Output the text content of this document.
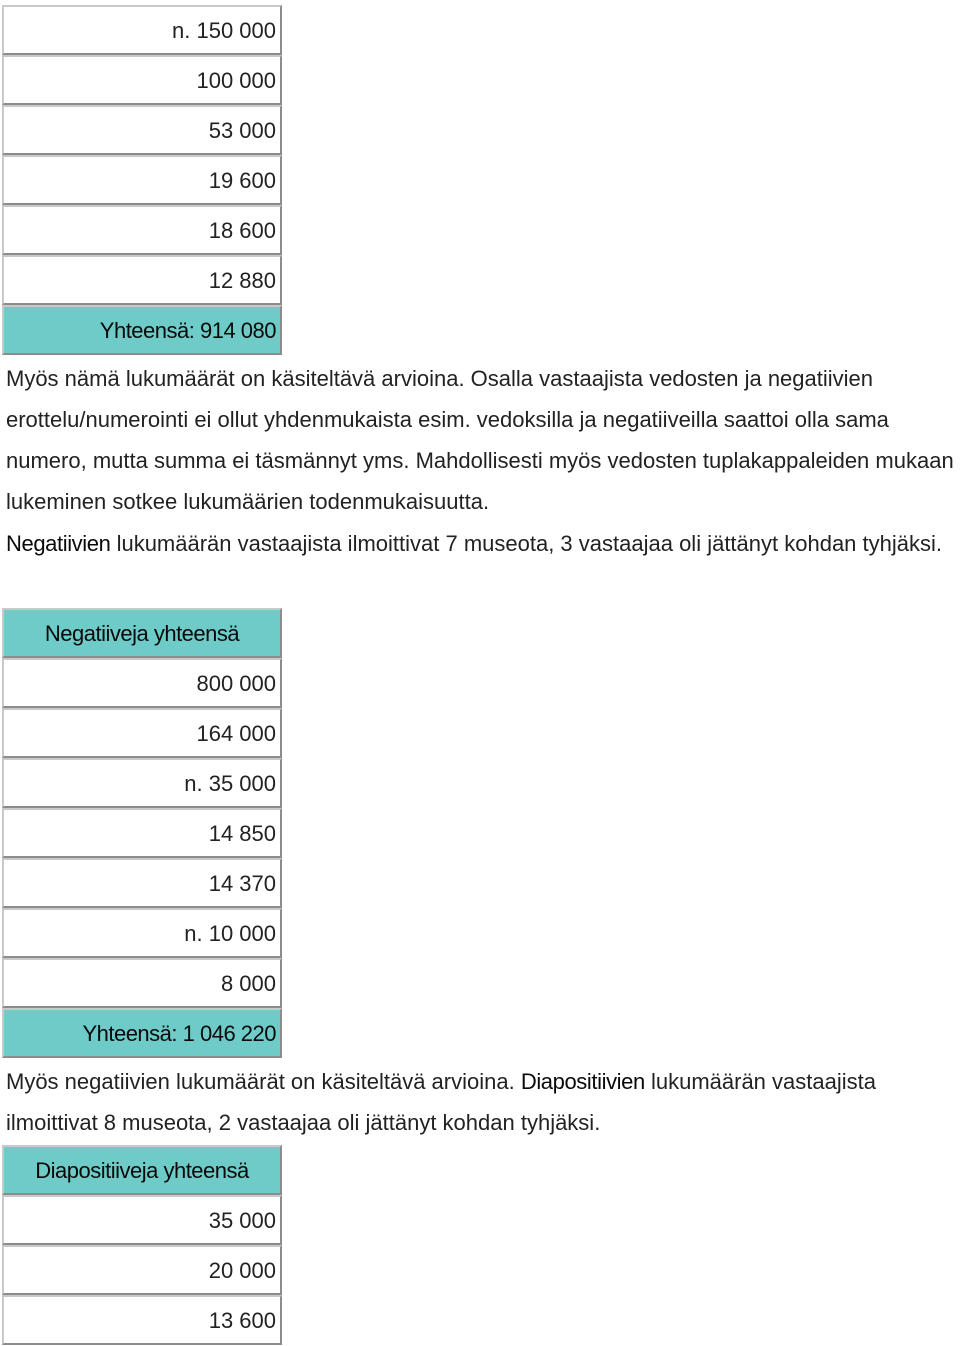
n. 150 000
100 000
53 000
19 600
18 600
12 880
Yhteensä: 914 080
Myös nämä lukumäärät on käsiteltävä arvioina. Osalla vastaajista vedosten ja negatiivien erottelu/numerointi ei ollut yhdenmukaista esim. vedoksilla ja negatiiveilla saattoi olla sama numero, mutta summa ei täsmännyt yms. Mahdollisesti myös vedosten tuplakappaleiden mukaan lukeminen sotkee lukumäärien todenmukaisuutta.
Negatiivien lukumäärän vastaajista ilmoittivat 7 museota, 3 vastaajaa oli jättänyt kohdan tyhjäksi.
Negatiiveja yhteensä
800 000
164 000
n. 35 000
14 850
14 370
n. 10 000
8 000
Yhteensä: 1 046 220
Myös negatiivien lukumäärät on käsiteltävä arvioina. Diapositiivien lukumäärän vastaajista ilmoittivat 8 museota, 2 vastaajaa oli jättänyt kohdan tyhjäksi.
Diapositiiveja yhteensä
35 000
20 000
13 600
